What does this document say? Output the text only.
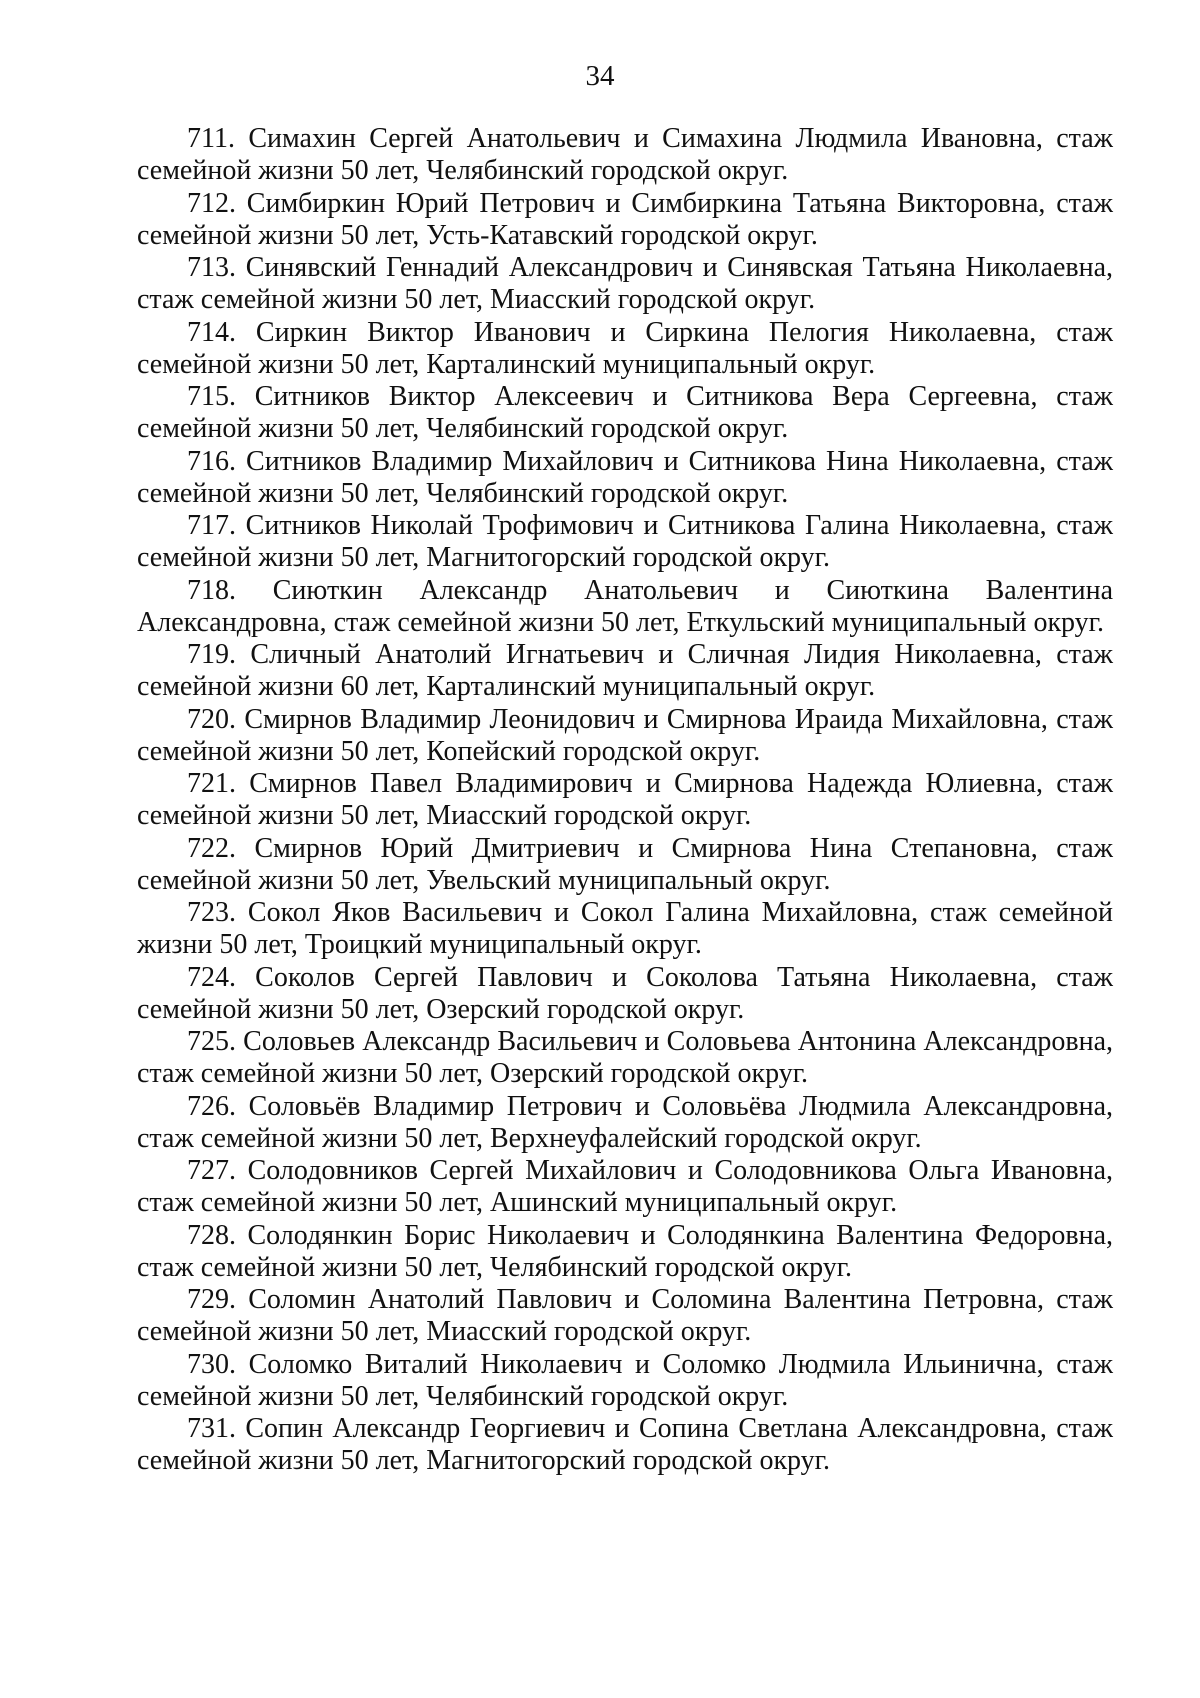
34
711. Симахин Сергей Анатольевич и Симахина Людмила Ивановна, стаж семейной жизни 50 лет, Челябинский городской округ.
712. Симбиркин Юрий Петрович и Симбиркина Татьяна Викторовна, стаж семейной жизни 50 лет, Усть-Катавский городской округ.
713. Синявский Геннадий Александрович и Синявская Татьяна Николаевна, стаж семейной жизни 50 лет, Миасский городской округ.
714. Сиркин Виктор Иванович и Сиркина Пелогия Николаевна, стаж семейной жизни 50 лет, Карталинский муниципальный округ.
715. Ситников Виктор Алексеевич и Ситникова Вера Сергеевна, стаж семейной жизни 50 лет, Челябинский городской округ.
716. Ситников Владимир Михайлович и Ситникова Нина Николаевна, стаж семейной жизни 50 лет, Челябинский городской округ.
717. Ситников Николай Трофимович и Ситникова Галина Николаевна, стаж семейной жизни 50 лет, Магнитогорский городской округ.
718. Сиюткин Александр Анатольевич и Сиюткина Валентина Александровна, стаж семейной жизни 50 лет, Еткульский муниципальный округ.
719. Сличный Анатолий Игнатьевич и Сличная Лидия Николаевна, стаж семейной жизни 60 лет, Карталинский муниципальный округ.
720. Смирнов Владимир Леонидович и Смирнова Ираида Михайловна, стаж семейной жизни 50 лет, Копейский городской округ.
721. Смирнов Павел Владимирович и Смирнова Надежда Юлиевна, стаж семейной жизни 50 лет, Миасский городской округ.
722. Смирнов Юрий Дмитриевич и Смирнова Нина Степановна, стаж семейной жизни 50 лет, Увельский муниципальный округ.
723. Сокол Яков Васильевич и Сокол Галина Михайловна, стаж семейной жизни 50 лет, Троицкий муниципальный округ.
724. Соколов Сергей Павлович и Соколова Татьяна Николаевна, стаж семейной жизни 50 лет, Озерский городской округ.
725. Соловьев Александр Васильевич и Соловьева Антонина Александровна, стаж семейной жизни 50 лет, Озерский городской округ.
726. Соловьёв Владимир Петрович и Соловьёва Людмила Александровна, стаж семейной жизни 50 лет, Верхнеуфалейский городской округ.
727. Солодовников Сергей Михайлович и Солодовникова Ольга Ивановна, стаж семейной жизни 50 лет, Ашинский муниципальный округ.
728. Солодянкин Борис Николаевич и Солодянкина Валентина Федоровна, стаж семейной жизни 50 лет, Челябинский городской округ.
729. Соломин Анатолий Павлович и Соломина Валентина Петровна, стаж семейной жизни 50 лет, Миасский городской округ.
730. Соломко Виталий Николаевич и Соломко Людмила Ильинична, стаж семейной жизни 50 лет, Челябинский городской округ.
731. Сопин Александр Георгиевич и Сопина Светлана Александровна, стаж семейной жизни 50 лет, Магнитогорский городской округ.
